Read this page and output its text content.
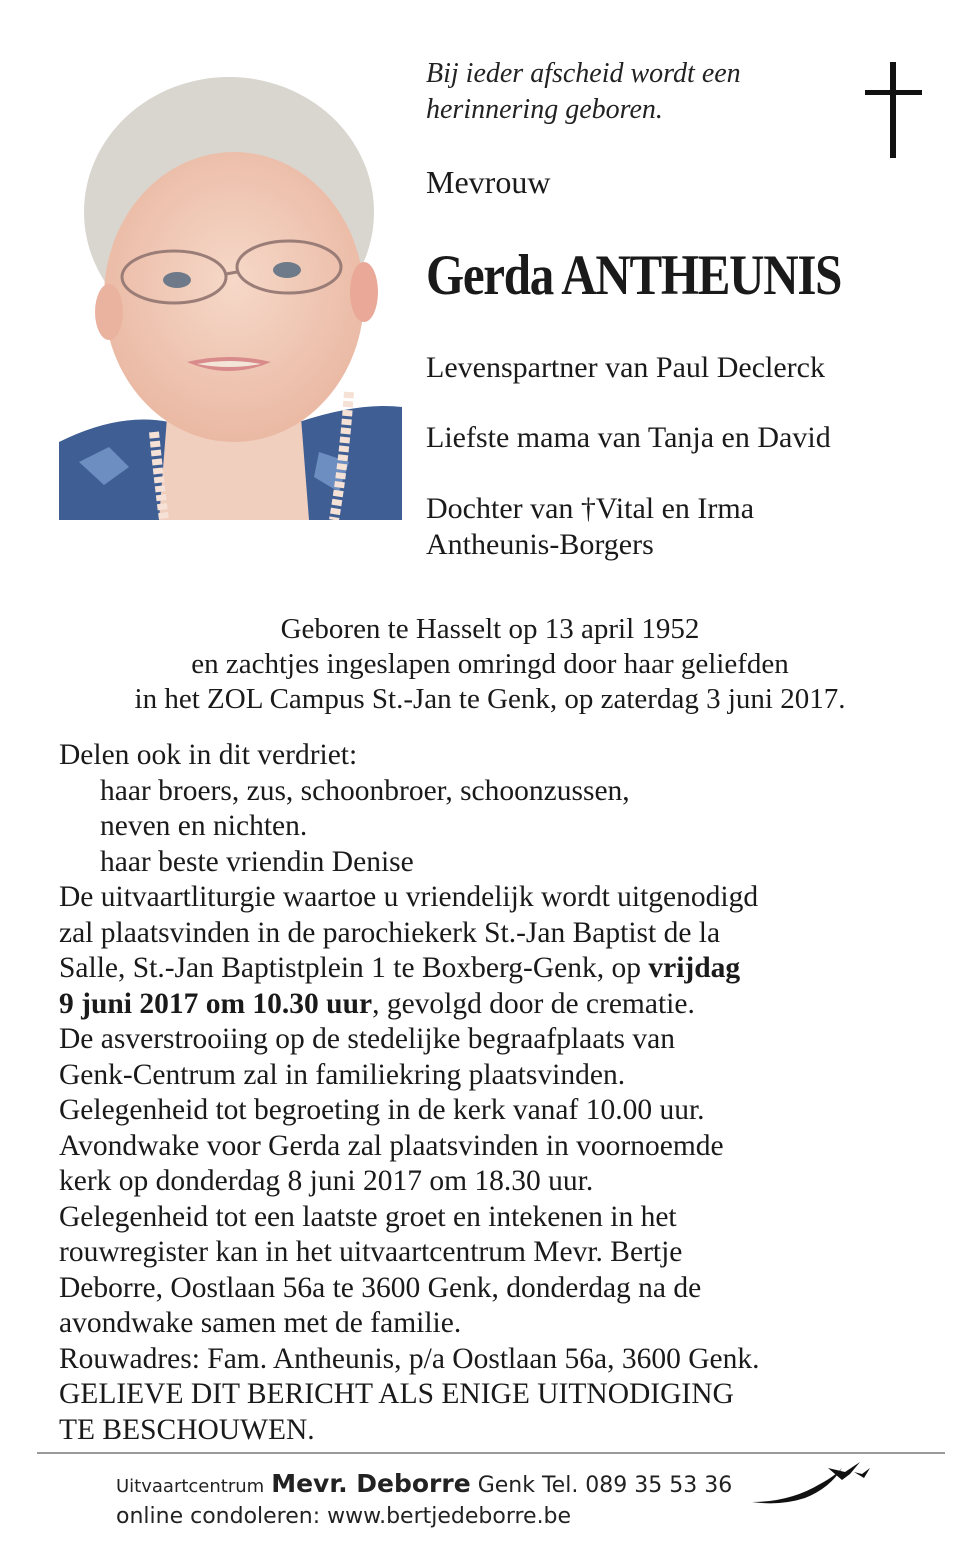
Bij ieder afscheid wordt een
herinnering geboren.
Mevrouw
Gerda ANTHEUNIS
Levenspartner van Paul Declerck
Liefste mama van Tanja en David
Dochter van †Vital en Irma
Antheunis-Borgers
Geboren te Hasselt op 13 april 1952
en zachtjes ingeslapen omringd door haar geliefden
in het ZOL Campus St.-Jan te Genk, op zaterdag 3 juni 2017.
Delen ook in dit verdriet:
haar broers, zus, schoonbroer, schoonzussen,
neven en nichten.
haar beste vriendin Denise
De uitvaartliturgie waartoe u vriendelijk wordt uitgenodigd
zal plaatsvinden in de parochiekerk St.-Jan Baptist de la
Salle, St.-Jan Baptistplein 1 te Boxberg-Genk, op vrijdag
9 juni 2017 om 10.30 uur, gevolgd door de crematie.
De asverstrooiing op de stedelijke begraafplaats van
Genk-Centrum zal in familiekring plaatsvinden.
Gelegenheid tot begroeting in de kerk vanaf 10.00 uur.
Avondwake voor Gerda zal plaatsvinden in voornoemde
kerk op donderdag 8 juni 2017 om 18.30 uur.
Gelegenheid tot een laatste groet en intekenen in het
rouwregister kan in het uitvaartcentrum Mevr. Bertje
Deborre, Oostlaan 56a te 3600 Genk, donderdag na de
avondwake samen met de familie.
Rouwadres: Fam. Antheunis, p/a Oostlaan 56a, 3600 Genk.
GELIEVE DIT BERICHT ALS ENIGE UITNODIGING
TE BESCHOUWEN.
Uitvaartcentrum Mevr. Deborre Genk Tel. 089 35 53 36
online condoleren: www.bertjedeborre.be
